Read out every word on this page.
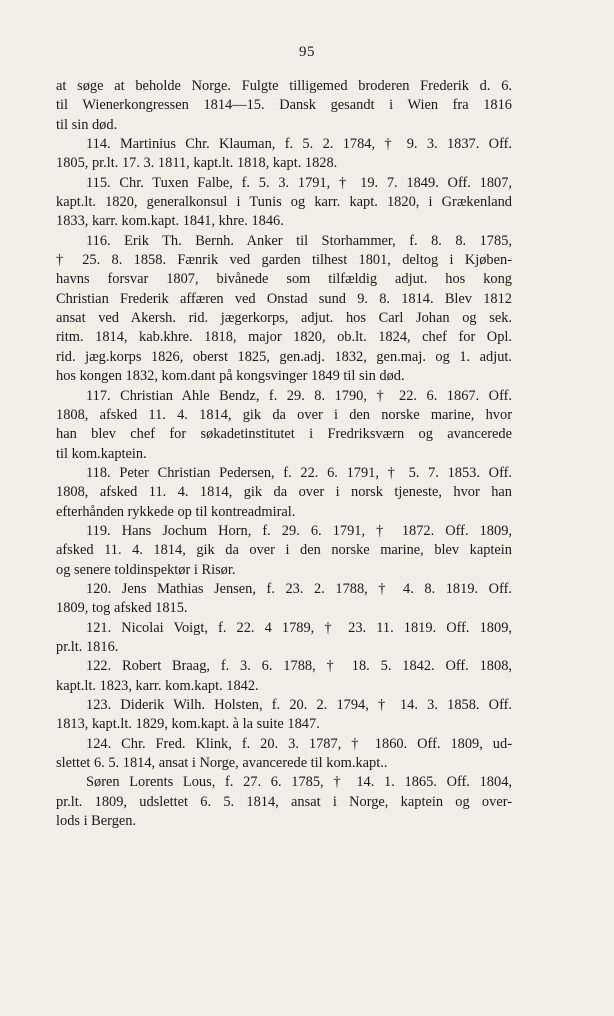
95
at søge at beholde Norge. Fulgte tilligemed broderen Frederik d. 6.
til Wienerkongressen 1814—15. Dansk gesandt i Wien fra 1816
til sin død.
114. Martinius Chr. Klauman, f. 5. 2. 1784, † 9. 3. 1837. Off.
1805, pr.lt. 17. 3. 1811, kapt.lt. 1818, kapt. 1828.
115. Chr. Tuxen Falbe, f. 5. 3. 1791, † 19. 7. 1849. Off. 1807,
kapt.lt. 1820, generalkonsul i Tunis og karr. kapt. 1820, i Grækenland
1833, karr. kom.kapt. 1841, khre. 1846.
116. Erik Th. Bernh. Anker til Storhammer, f. 8. 8. 1785,
† 25. 8. 1858. Fænrik ved garden tilhest 1801, deltog i Kjøben-
havns forsvar 1807, bivånede som tilfældig adjut. hos kong
Christian Frederik affæren ved Onstad sund 9. 8. 1814. Blev 1812
ansat ved Akersh. rid. jægerkorps, adjut. hos Carl Johan og sek.
ritm. 1814, kab.khre. 1818, major 1820, ob.lt. 1824, chef for Opl.
rid. jæg.korps 1826, oberst 1825, gen.adj. 1832, gen.maj. og 1. adjut.
hos kongen 1832, kom.dant på kongsvinger 1849 til sin død.
117. Christian Ahle Bendz, f. 29. 8. 1790, † 22. 6. 1867. Off.
1808, afsked 11. 4. 1814, gik da over i den norske marine, hvor
han blev chef for søkadetinstitutet i Fredriksværn og avancerede
til kom.kaptein.
118. Peter Christian Pedersen, f. 22. 6. 1791, † 5. 7. 1853. Off.
1808, afsked 11. 4. 1814, gik da over i norsk tjeneste, hvor han
efterhånden rykkede op til kontreadmiral.
119. Hans Jochum Horn, f. 29. 6. 1791, † 1872. Off. 1809,
afsked 11. 4. 1814, gik da over i den norske marine, blev kaptein
og senere toldinspektør i Risør.
120. Jens Mathias Jensen, f. 23. 2. 1788, † 4. 8. 1819. Off.
1809, tog afsked 1815.
121. Nicolai Voigt, f. 22. 4 1789, † 23. 11. 1819. Off. 1809,
pr.lt. 1816.
122. Robert Braag, f. 3. 6. 1788, † 18. 5. 1842. Off. 1808,
kapt.lt. 1823, karr. kom.kapt. 1842.
123. Diderik Wilh. Holsten, f. 20. 2. 1794, † 14. 3. 1858. Off.
1813, kapt.lt. 1829, kom.kapt. à la suite 1847.
124. Chr. Fred. Klink, f. 20. 3. 1787, † 1860. Off. 1809, ud-
slettet 6. 5. 1814, ansat i Norge, avancerede til kom.kapt..
Søren Lorents Lous, f. 27. 6. 1785, † 14. 1. 1865. Off. 1804,
pr.lt. 1809, udslettet 6. 5. 1814, ansat i Norge, kaptein og over-
lods i Bergen.
